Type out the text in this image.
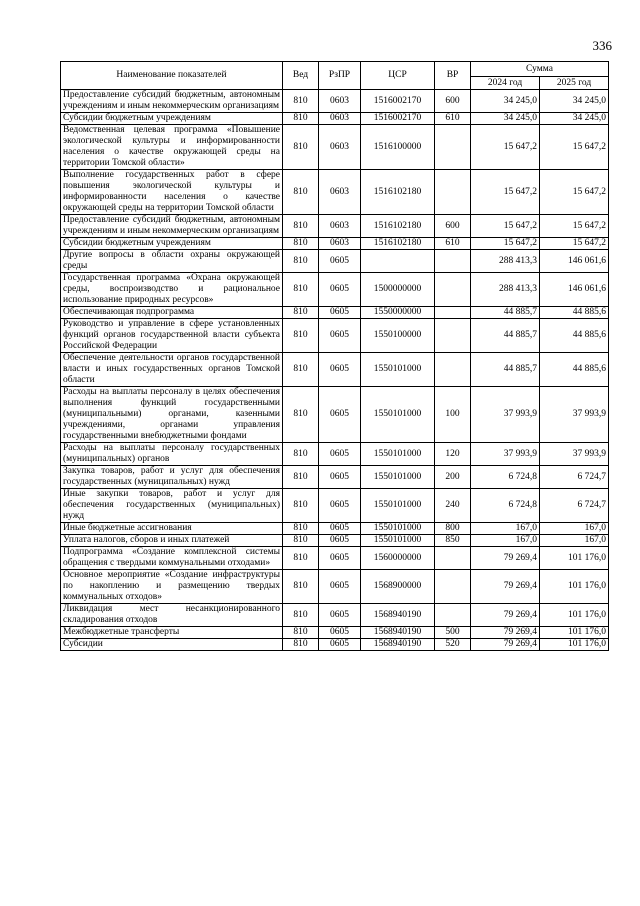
336
Наименование показателей	Вед	РзПР	ЦСР	ВР	Сумма	
					2024 год	2025 год
Предоставление субсидий бюджетным, автономным учреждениям и иным некоммерческим организациям	810	0603	1516002170	600	34 245,0	34 245,0
Субсидии бюджетным учреждениям	810	0603	1516002170	610	34 245,0	34 245,0
Ведомственная целевая программа «Повышение экологической культуры и информированности населения о качестве окружающей среды на территории Томской области»	810	0603	1516100000		15 647,2	15 647,2
Выполнение государственных работ в сфере повышения экологической культуры и информированности населения о качестве окружающей среды на территории Томской области	810	0603	1516102180		15 647,2	15 647,2
Предоставление субсидий бюджетным, автономным учреждениям и иным некоммерческим организациям	810	0603	1516102180	600	15 647,2	15 647,2
Субсидии бюджетным учреждениям	810	0603	1516102180	610	15 647,2	15 647,2
Другие вопросы в области охраны окружающей среды	810	0605			288 413,3	146 061,6
Государственная программа «Охрана окружающей среды, воспроизводство и рациональное использование природных ресурсов»	810	0605	1500000000		288 413,3	146 061,6
Обеспечивающая подпрограмма	810	0605	1550000000		44 885,7	44 885,6
Руководство и управление в сфере установленных функций органов государственной власти субъекта Российской Федерации	810	0605	1550100000		44 885,7	44 885,6
Обеспечение деятельности органов государственной власти и иных государственных органов Томской области	810	0605	1550101000		44 885,7	44 885,6
Расходы на выплаты персоналу в целях обеспечения выполнения функций государственными (муниципальными) органами, казенными учреждениями, органами управления государственными внебюджетными фондами	810	0605	1550101000	100	37 993,9	37 993,9
Расходы на выплаты персоналу государственных (муниципальных) органов	810	0605	1550101000	120	37 993,9	37 993,9
Закупка товаров, работ и услуг для обеспечения государственных (муниципальных) нужд	810	0605	1550101000	200	6 724,8	6 724,7
Иные закупки товаров, работ и услуг для обеспечения государственных (муниципальных) нужд	810	0605	1550101000	240	6 724,8	6 724,7
Иные бюджетные ассигнования	810	0605	1550101000	800	167,0	167,0
Уплата налогов, сборов и иных платежей	810	0605	1550101000	850	167,0	167,0
Подпрограмма «Создание комплексной системы обращения с твердыми коммунальными отходами»	810	0605	1560000000		79 269,4	101 176,0
Основное мероприятие «Создание инфраструктуры по накоплению и размещению твердых коммунальных отходов»	810	0605	1568900000		79 269,4	101 176,0
Ликвидация мест несанкционированного складирования отходов	810	0605	1568940190		79 269,4	101 176,0
Межбюджетные трансферты	810	0605	1568940190	500	79 269,4	101 176,0
Субсидии	810	0605	1568940190	520	79 269,4	101 176,0
